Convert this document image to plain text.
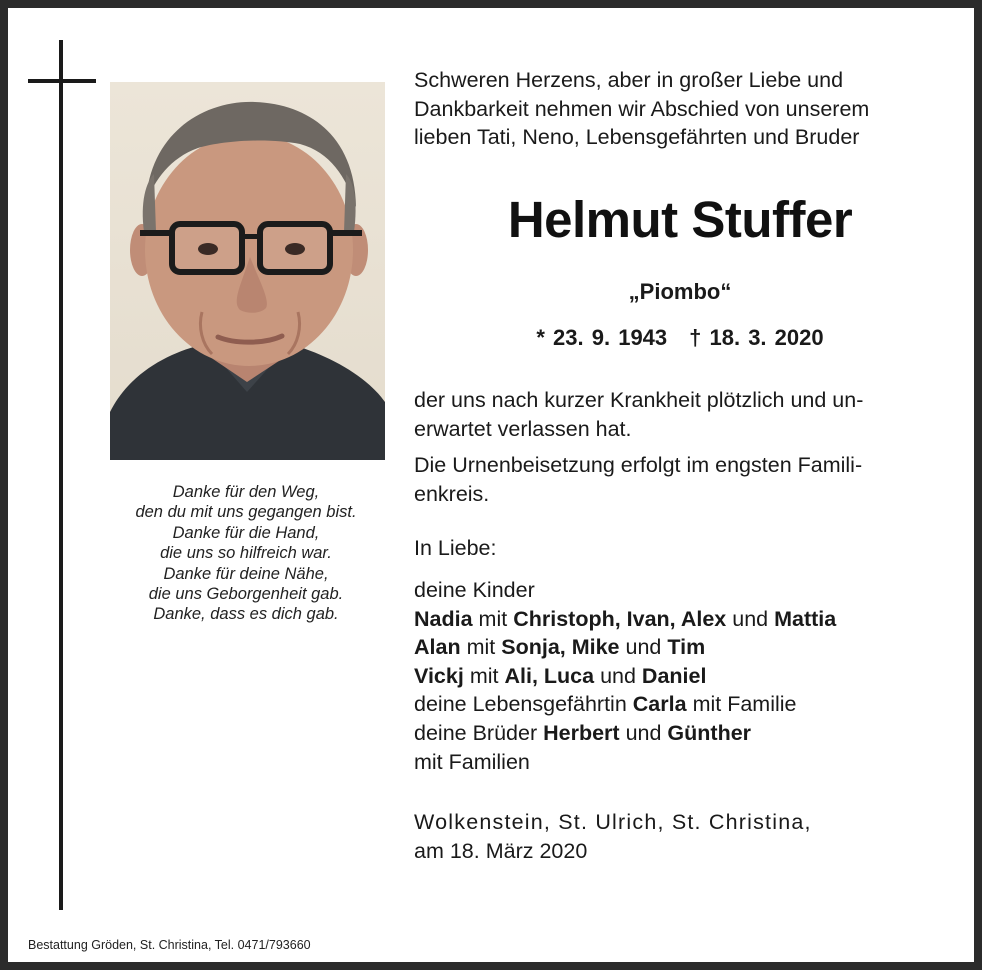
Danke für den Weg,
den du mit uns gegangen bist.
Danke für die Hand,
die uns so hilfreich war.
Danke für deine Nähe,
die uns Geborgenheit gab.
Danke, dass es dich gab.
Schweren Herzens, aber in großer Liebe und
Dankbarkeit nehmen wir Abschied von unserem
lieben Tati, Neno, Lebensgefährten und Bruder
Helmut Stuffer
„Piombo“
* 23. 9. 1943 † 18. 3. 2020
der uns nach kurzer Krankheit plötzlich und un-
erwartet verlassen hat.
Die Urnenbeisetzung erfolgt im engsten Famili-
enkreis.
In Liebe:
deine Kinder
Nadia mit Christoph, Ivan, Alex und Mattia
Alan mit Sonja, Mike und Tim
Vickj mit Ali, Luca und Daniel
deine Lebensgefährtin Carla mit Familie
deine Brüder Herbert und Günther
mit Familien
Wolkenstein, St. Ulrich, St. Christina,
am 18. März 2020
Bestattung Gröden, St. Christina, Tel. 0471/793660
